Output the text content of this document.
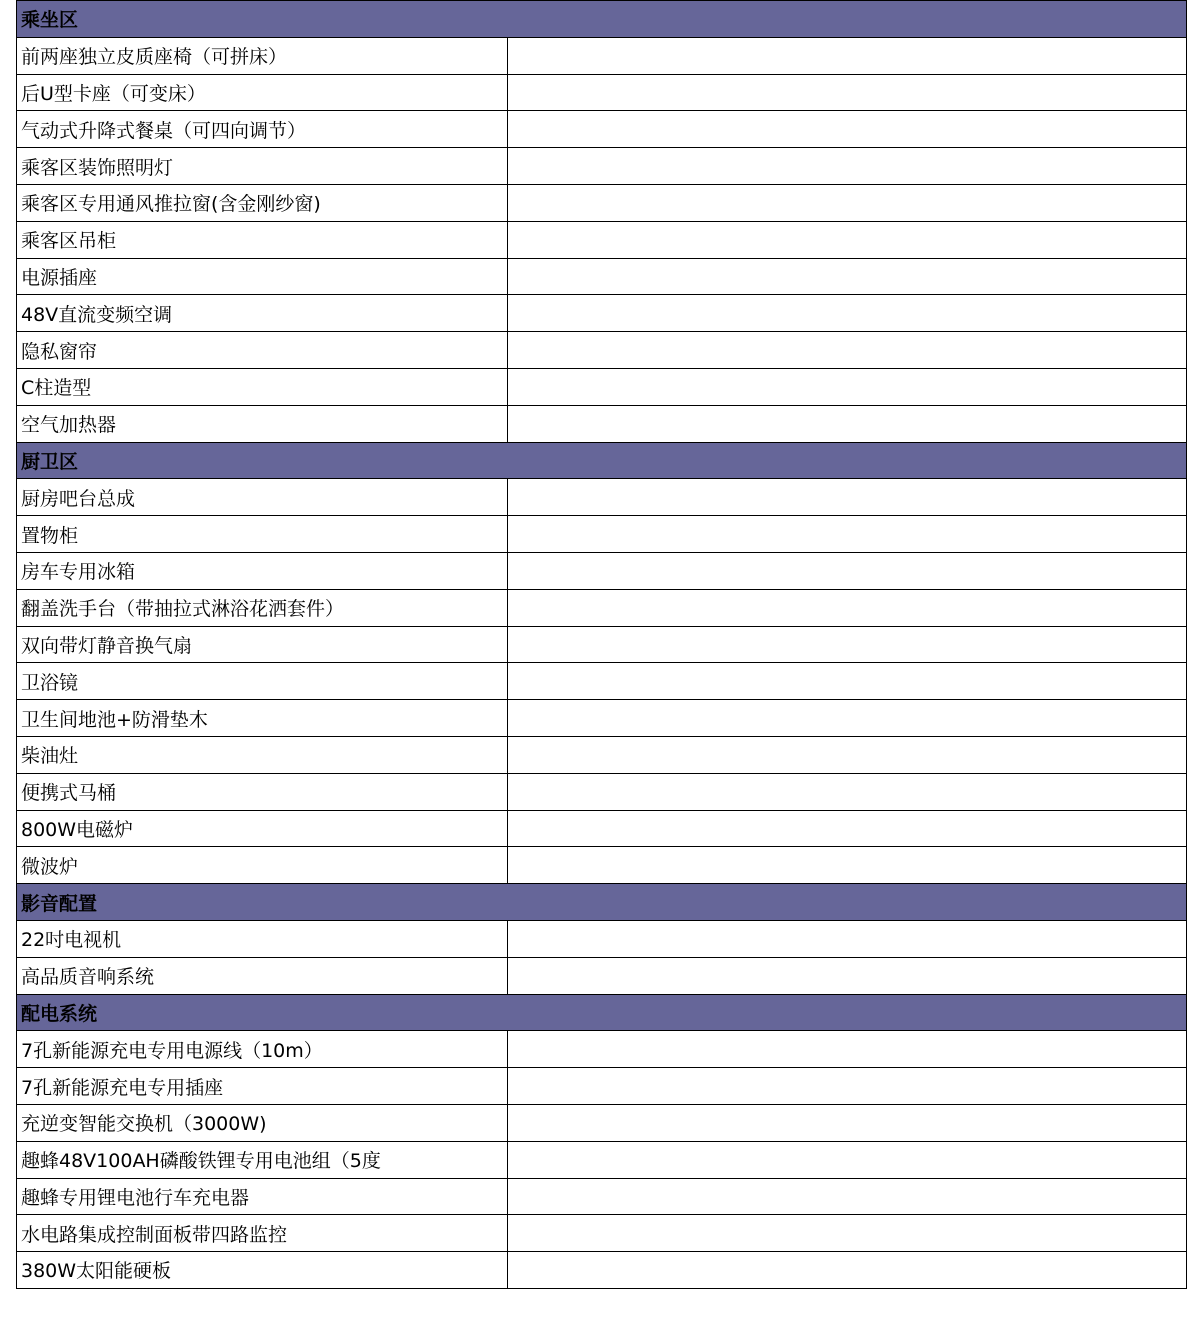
乘坐区	
前两座独立皮质座椅（可拼床）	
后U型卡座（可变床）	
气动式升降式餐桌（可四向调节）	
乘客区装饰照明灯	
乘客区专用通风推拉窗(含金刚纱窗)	
乘客区吊柜	
电源插座	
48V直流变频空调	
隐私窗帘	
C柱造型	
空气加热器	
厨卫区	
厨房吧台总成	
置物柜	
房车专用冰箱	
翻盖洗手台（带抽拉式淋浴花洒套件）	
双向带灯静音换气扇	
卫浴镜	
卫生间地池+防滑垫木	
柴油灶	
便携式马桶	
800W电磁炉	
微波炉	
影音配置	
22吋电视机	
高品质音响系统	
配电系统	
7孔新能源充电专用电源线（10m）	
7孔新能源充电专用插座	
充逆变智能交换机（3000W)	
趣蜂48V100AH磷酸铁锂专用电池组（5度	
趣蜂专用锂电池行车充电器	
水电路集成控制面板带四路监控	
380W太阳能硬板	
